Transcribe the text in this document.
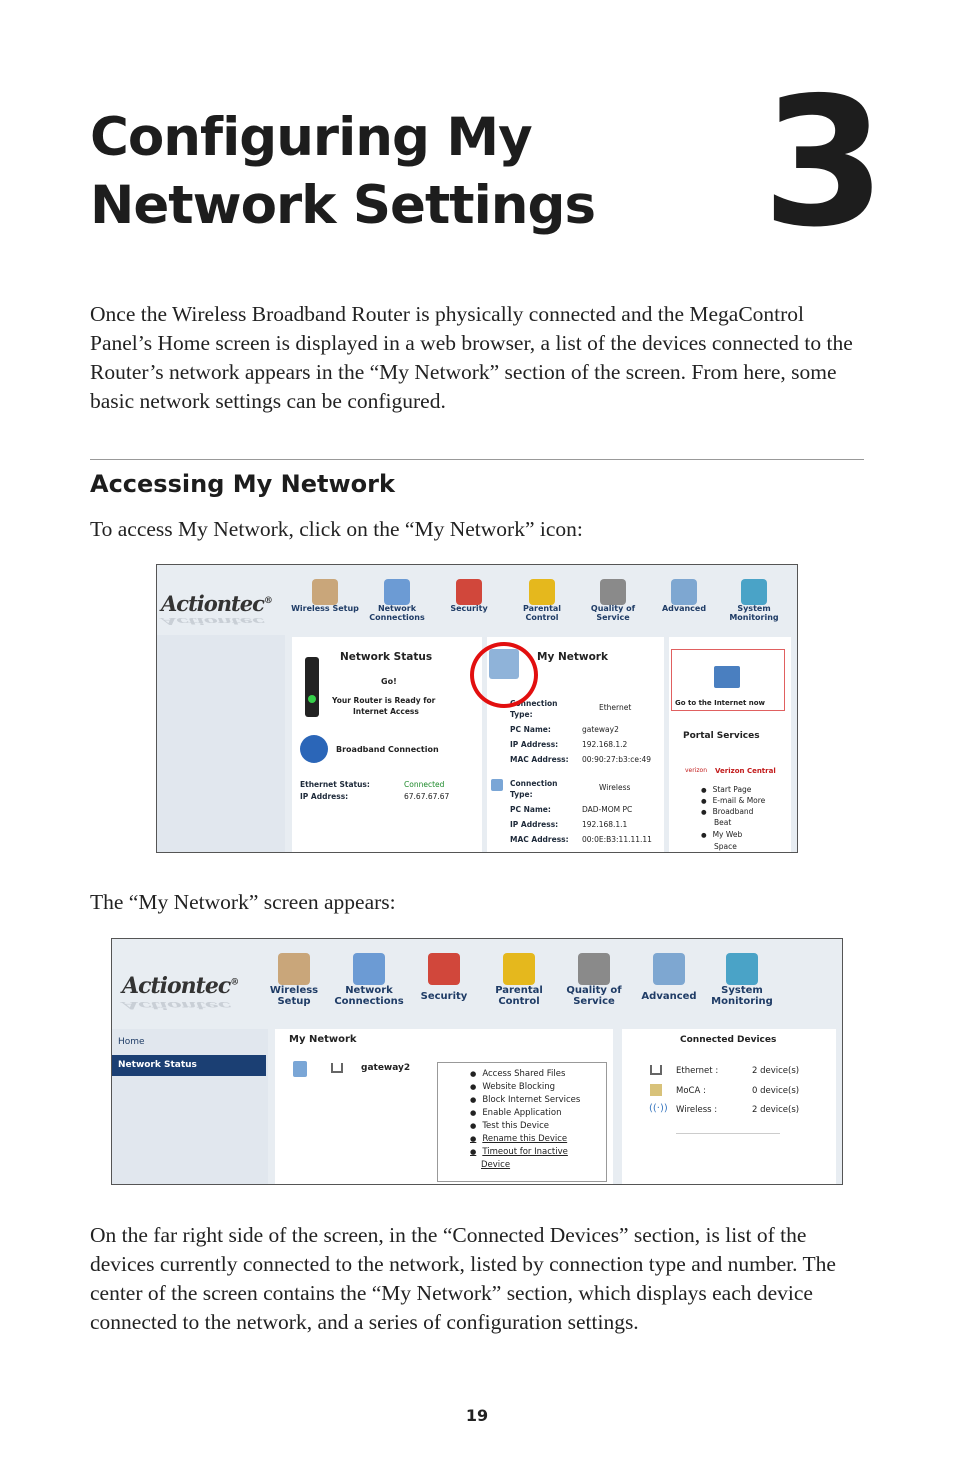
Configuring My
Network Settings 3

Once the Wireless Broadband Router is physically connected and the MegaControl Panel’s Home screen is displayed in a web browser, a list of the devices connected to the Router’s network appears in the “My Network” section of the screen. From here, some basic network settings can be configured.

Accessing My Network

To access My Network, click on the “My Network” icon:

Actiontec®
Actiontec
Wireless Setup	Network
Connections
Security	Parental
Control
Quality of
Service
Advanced	System
Monitoring
Network Status
Go!
Your Router is Ready for
Internet Access
Broadband Connection
Ethernet Status:	Connected
IP Address:	67.67.67.67
My Network
Connection
Type:
Ethernet
PC Name:	gateway2
IP Address:	192.168.1.2
MAC Address: 00:90:27:b3:ce:49
Connection
Type:
Wireless
PC Name:	DAD-MOM PC
IP Address:	192.168.1.1
MAC Address: 00:0E:B3:11.11.11
Go to the Internet now
Portal Services
verizon Verizon Central
● Start Page
● E-mail & More
● Broadband
Beat
● My Web
Space

The “My Network” screen appears:

Actiontec®
Actiontec
Wireless
Setup
Network
Connections	Security
Parental
Control
Quality of
Service	Advanced
System
Monitoring
Home
Network Status
My Network
gateway2
● Access Shared Files
● Website Blocking
● Block Internet Services
● Enable Application
● Test this Device
● Rename this Device
● Timeout for Inactive
Device
Connected Devices
Ethernet :	2 device(s)
MoCA :	0 device(s)
((·)) Wireless :	2 device(s)

On the far right side of the screen, in the “Connected Devices” section, is list of the devices currently connected to the network, listed by connection type and number. The center of the screen contains the “My Network” section, which displays each device connected to the network, and a series of configuration settings.

19
